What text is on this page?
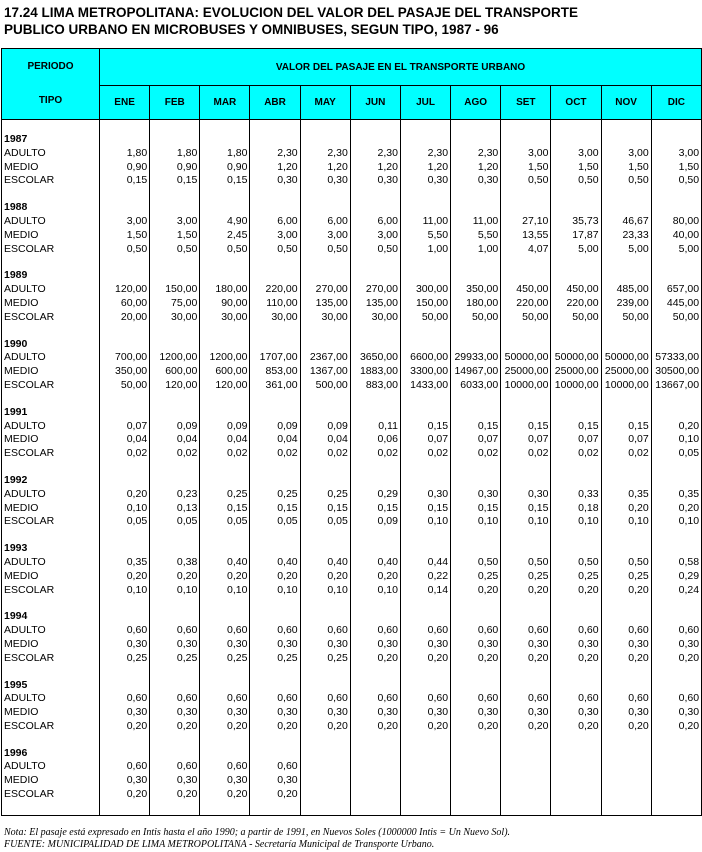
17.24 LIMA METROPOLITANA: EVOLUCION DEL VALOR DEL PASAJE DEL TRANSPORTE
PUBLICO URBANO EN MICROBUSES Y OMNIBUSES, SEGUN TIPO, 1987 - 96
PERIODO
TIPO	VALOR DEL PASAJE EN EL TRANSPORTE URBANO											
	ENE	FEB	MAR	ABR	MAY	JUN	JUL	AGO	SET	OCT	NOV	DIC

1987												
ADULTO	1,80	1,80	1,80	2,30	2,30	2,30	2,30	2,30	3,00	3,00	3,00	3,00
MEDIO	0,90	0,90	0,90	1,20	1,20	1,20	1,20	1,20	1,50	1,50	1,50	1,50
ESCOLAR	0,15	0,15	0,15	0,30	0,30	0,30	0,30	0,30	0,50	0,50	0,50	0,50

1988												
ADULTO	3,00	3,00	4,90	6,00	6,00	6,00	11,00	11,00	27,10	35,73	46,67	80,00
MEDIO	1,50	1,50	2,45	3,00	3,00	3,00	5,50	5,50	13,55	17,87	23,33	40,00
ESCOLAR	0,50	0,50	0,50	0,50	0,50	0,50	1,00	1,00	4,07	5,00	5,00	5,00

1989												
ADULTO	120,00	150,00	180,00	220,00	270,00	270,00	300,00	350,00	450,00	450,00	485,00	657,00
MEDIO	60,00	75,00	90,00	110,00	135,00	135,00	150,00	180,00	220,00	220,00	239,00	445,00
ESCOLAR	20,00	30,00	30,00	30,00	30,00	30,00	50,00	50,00	50,00	50,00	50,00	50,00

1990												
ADULTO	700,00	1200,00	1200,00	1707,00	2367,00	3650,00	6600,00	29933,00	50000,00	50000,00	50000,00	57333,00
MEDIO	350,00	600,00	600,00	853,00	1367,00	1883,00	3300,00	14967,00	25000,00	25000,00	25000,00	30500,00
ESCOLAR	50,00	120,00	120,00	361,00	500,00	883,00	1433,00	6033,00	10000,00	10000,00	10000,00	13667,00

1991												
ADULTO	0,07	0,09	0,09	0,09	0,09	0,11	0,15	0,15	0,15	0,15	0,15	0,20
MEDIO	0,04	0,04	0,04	0,04	0,04	0,06	0,07	0,07	0,07	0,07	0,07	0,10
ESCOLAR	0,02	0,02	0,02	0,02	0,02	0,02	0,02	0,02	0,02	0,02	0,02	0,05

1992												
ADULTO	0,20	0,23	0,25	0,25	0,25	0,29	0,30	0,30	0,30	0,33	0,35	0,35
MEDIO	0,10	0,13	0,15	0,15	0,15	0,15	0,15	0,15	0,15	0,18	0,20	0,20
ESCOLAR	0,05	0,05	0,05	0,05	0,05	0,09	0,10	0,10	0,10	0,10	0,10	0,10

1993												
ADULTO	0,35	0,38	0,40	0,40	0,40	0,40	0,44	0,50	0,50	0,50	0,50	0,58
MEDIO	0,20	0,20	0,20	0,20	0,20	0,20	0,22	0,25	0,25	0,25	0,25	0,29
ESCOLAR	0,10	0,10	0,10	0,10	0,10	0,10	0,14	0,20	0,20	0,20	0,20	0,24

1994												
ADULTO	0,60	0,60	0,60	0,60	0,60	0,60	0,60	0,60	0,60	0,60	0,60	0,60
MEDIO	0,30	0,30	0,30	0,30	0,30	0,30	0,30	0,30	0,30	0,30	0,30	0,30
ESCOLAR	0,25	0,25	0,25	0,25	0,25	0,20	0,20	0,20	0,20	0,20	0,20	0,20

1995												
ADULTO	0,60	0,60	0,60	0,60	0,60	0,60	0,60	0,60	0,60	0,60	0,60	0,60
MEDIO	0,30	0,30	0,30	0,30	0,30	0,30	0,30	0,30	0,30	0,30	0,30	0,30
ESCOLAR	0,20	0,20	0,20	0,20	0,20	0,20	0,20	0,20	0,20	0,20	0,20	0,20

1996												
ADULTO	0,60	0,60	0,60	0,60								
MEDIO	0,30	0,30	0,30	0,30								
ESCOLAR	0,20	0,20	0,20	0,20								

Nota: El pasaje está expresado en Intis hasta el año 1990; a partir de 1991, en Nuevos Soles (1000000 Intis = Un Nuevo Sol).
FUENTE: MUNICIPALIDAD DE LIMA METROPOLITANA - Secretaría Municipal de Transporte Urbano.
